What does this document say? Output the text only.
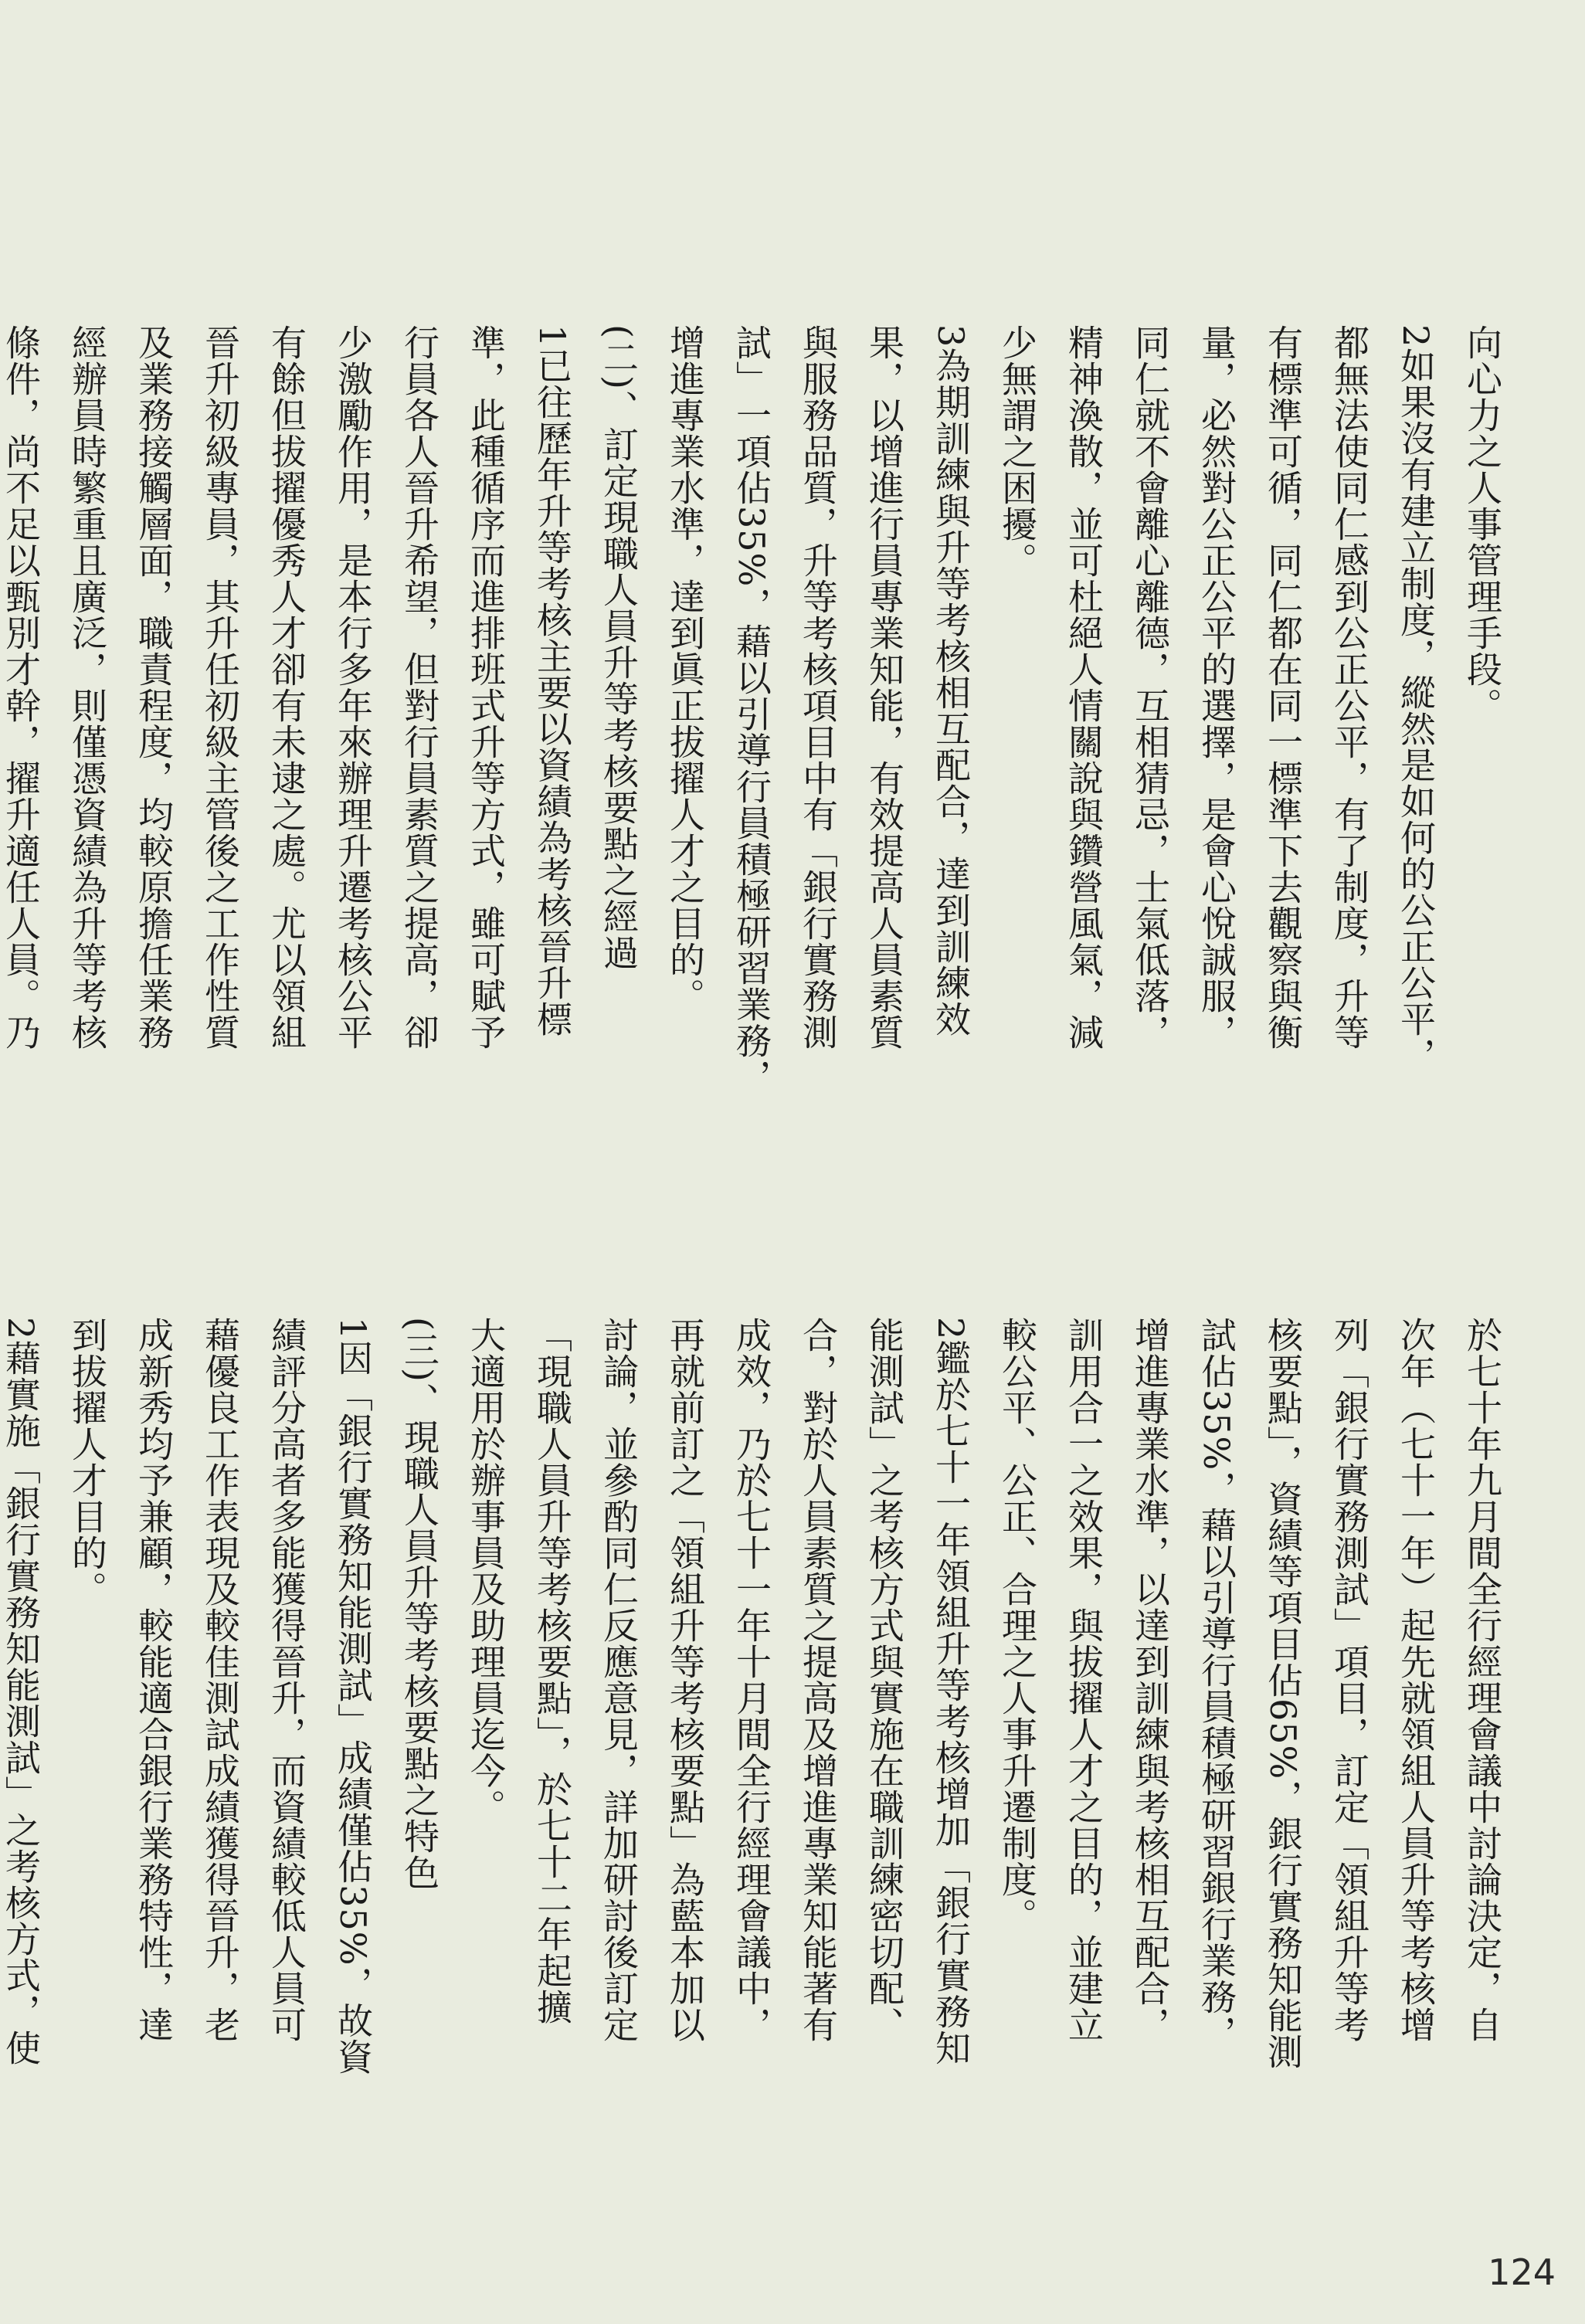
向心力之人事管理手段。
2如果沒有建立制度，縱然是如何的公正公平，
都無法使同仁感到公正公平，有了制度，升等
有標準可循，同仁都在同一標準下去觀察與衡
量，必然對公正公平的選擇，是會心悅誠服，
同仁就不會離心離德，互相猜忌，士氣低落，
精神渙散，並可杜絕人情關說與鑽營風氣，減
少無謂之困擾。
3為期訓練與升等考核相互配合，達到訓練效
果，以增進行員專業知能，有效提高人員素質
與服務品質，升等考核項目中有「銀行實務測
試」一項佔35%，藉以引導行員積極研習業務，
增進專業水準，達到眞正拔擢人才之目的。
(二)、訂定現職人員升等考核要點之經過
1已往歷年升等考核主要以資績為考核晉升標
準，此種循序而進排班式升等方式，雖可賦予
行員各人晉升希望，但對行員素質之提高，卻
少激勵作用，是本行多年來辦理升遷考核公平
有餘但拔擢優秀人才卻有未逮之處。尤以領組
晉升初級專員，其升任初級主管後之工作性質
及業務接觸層面，職責程度，均較原擔任業務
經辦員時繁重且廣泛，則僅憑資績為升等考核
條件，尚不足以甄別才幹，擢升適任人員。乃
於七十年九月間全行經理會議中討論決定，自
次年（七十一年）起先就領組人員升等考核增
列「銀行實務測試」項目，訂定「領組升等考
核要點」，資績等項目佔65%，銀行實務知能測
試佔35%，藉以引導行員積極研習銀行業務，
增進專業水準，以達到訓練與考核相互配合，
訓用合一之效果，與拔擢人才之目的，並建立
較公平、公正、合理之人事升遷制度。
2鑑於七十一年領組升等考核增加「銀行實務知
能測試」之考核方式與實施在職訓練密切配、
合，對於人員素質之提高及增進專業知能著有
成效，乃於七十一年十月間全行經理會議中，
再就前訂之「領組升等考核要點」為藍本加以
討論，並參酌同仁反應意見，詳加研討後訂定
「現職人員升等考核要點」，於七十二年起擴
大適用於辦事員及助理員迄今。
(三)、現職人員升等考核要點之特色
1因「銀行實務知能測試」成績僅佔35%，故資
績評分高者多能獲得晉升，而資績較低人員可
藉優良工作表現及較佳測試成績獲得晉升，老
成新秀均予兼顧，較能適合銀行業務特性，達
到拔擢人才目的。
2藉實施「銀行實務知能測試」之考核方式，使
124
